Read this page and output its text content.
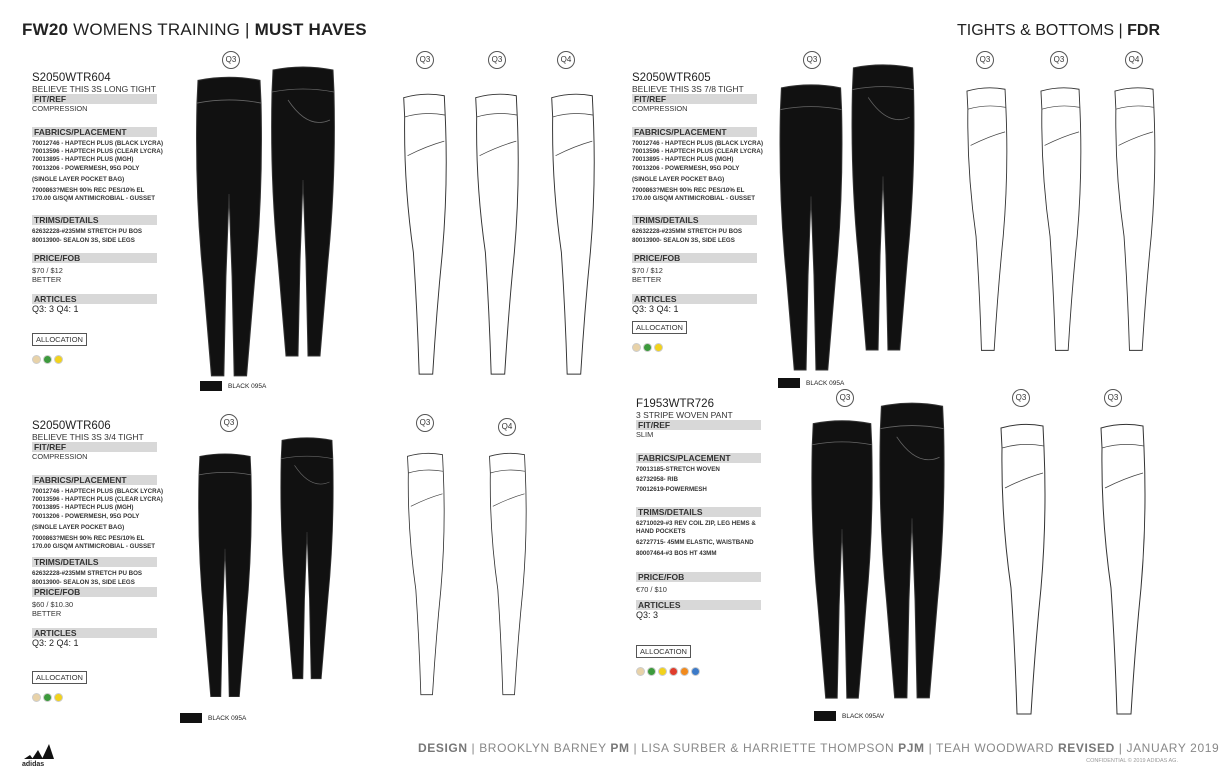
FW20 WOMENS TRAINING | MUST HAVES	TIGHTS & BOTTOMS | FDR
S2050WTR604
BELIEVE THIS 3S LONG TIGHT
FIT/REF
COMPRESSION
FABRICS/PLACEMENT
70012746 - HAPTECH PLUS (BLACK LYCRA)
70013596 - HAPTECH PLUS (CLEAR LYCRA)
70013895 - HAPTECH PLUS (MGH)
70013206 - POWERMESH, 95G POLY
(SINGLE LAYER POCKET BAG)
7000863?MESH 90% REC PES/10% EL
170.00 G/SQM ANTIMICROBIAL - GUSSET
TRIMS/DETAILS
62632228-#235MM STRETCH PU BOS
80013900- SEALON 3S, SIDE LEGS
PRICE/FOB
$70 / $12
BETTER
ARTICLES
Q3: 3 Q4: 1
ALLOCATION
Q3
BLACK 095A
Q3	Q3	Q4
S2050WTR605
BELIEVE THIS 3S 7/8 TIGHT
FIT/REF
COMPRESSION
FABRICS/PLACEMENT
70012746 - HAPTECH PLUS (BLACK LYCRA)
70013596 - HAPTECH PLUS (CLEAR LYCRA)
70013895 - HAPTECH PLUS (MGH)
70013206 - POWERMESH, 95G POLY
(SINGLE LAYER POCKET BAG)
7000863?MESH 90% REC PES/10% EL
170.00 G/SQM ANTIMICROBIAL - GUSSET
TRIMS/DETAILS
62632228-#235MM STRETCH PU BOS
80013900- SEALON 3S, SIDE LEGS
PRICE/FOB
$70 / $12
BETTER
ARTICLES
Q3: 3 Q4: 1
ALLOCATION
Q3
BLACK 095A
Q3	Q3	Q4
S2050WTR606
BELIEVE THIS 3S 3/4 TIGHT
FIT/REF
COMPRESSION
FABRICS/PLACEMENT
70012746 - HAPTECH PLUS (BLACK LYCRA)
70013596 - HAPTECH PLUS (CLEAR LYCRA)
70013895 - HAPTECH PLUS (MGH)
70013206 - POWERMESH, 95G POLY
(SINGLE LAYER POCKET BAG)
7000863?MESH 90% REC PES/10% EL
170.00 G/SQM ANTIMICROBIAL - GUSSET
TRIMS/DETAILS
62632228-#235MM STRETCH PU BOS
80013900- SEALON 3S, SIDE LEGS
PRICE/FOB
$60 / $10.30
BETTER
ARTICLES
Q3: 2 Q4: 1
ALLOCATION
Q3
BLACK 095A
Q3	Q4
F1953WTR726
3 STRIPE WOVEN PANT
FIT/REF
SLIM
FABRICS/PLACEMENT
70013185-STRETCH WOVEN
62732958- RIB
70012619-POWERMESH
TRIMS/DETAILS
62710029-#3 REV COIL ZIP, LEG HEMS &
HAND POCKETS
62727715- 45MM ELASTIC, WAISTBAND
80007464-#3 BOS HT 43MM
PRICE/FOB
€70 / $10
ARTICLES
Q3: 3
ALLOCATION
Q3
BLACK 095AV
Q3	Q3
adidas
DESIGN | BROOKLYN BARNEY PM | LISA SURBER & HARRIETTE THOMPSON PJM | TEAH WOODWARD REVISED | JANUARY 2019
CONFIDENTIAL © 2019 ADIDAS AG.
